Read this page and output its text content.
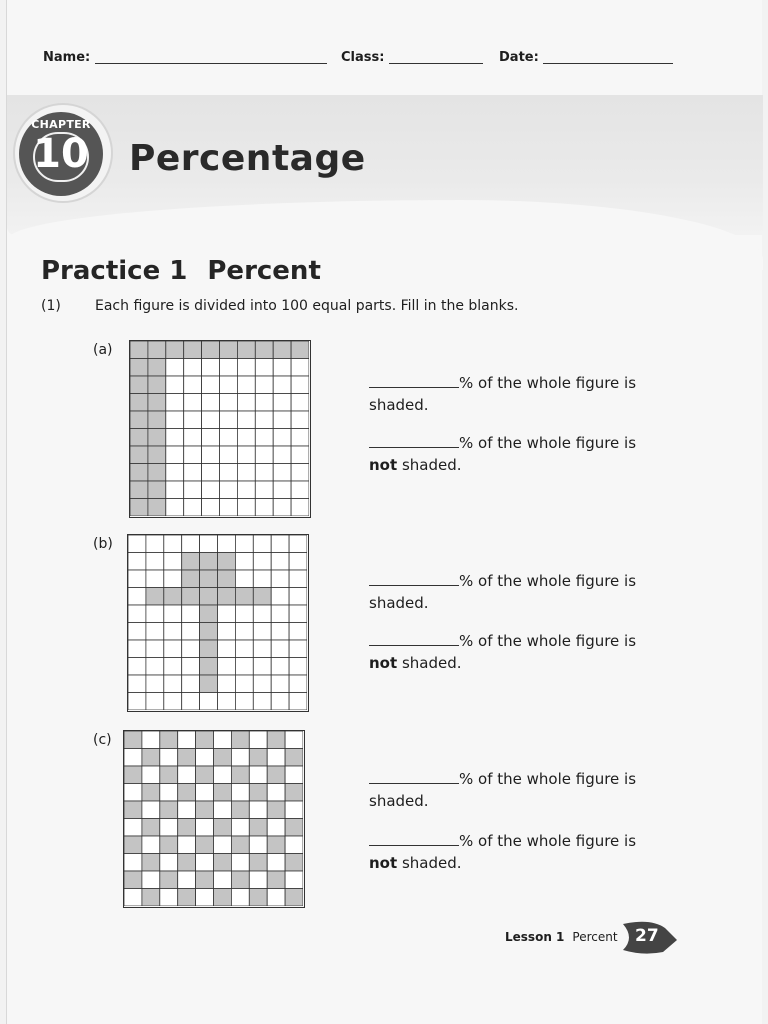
Name:	Class:	Date:
CHAPTER
10	Percentage
Practice 1 Percent
(1) Each figure is divided into 100 equal parts. Fill in the blanks.
(a)
% of the whole figure is
shaded.
% of the whole figure is
not shaded.
(b)
% of the whole figure is
shaded.
% of the whole figure is
not shaded.
(c)
% of the whole figure is
shaded.
% of the whole figure is
not shaded.
Lesson 1 Percent 27
